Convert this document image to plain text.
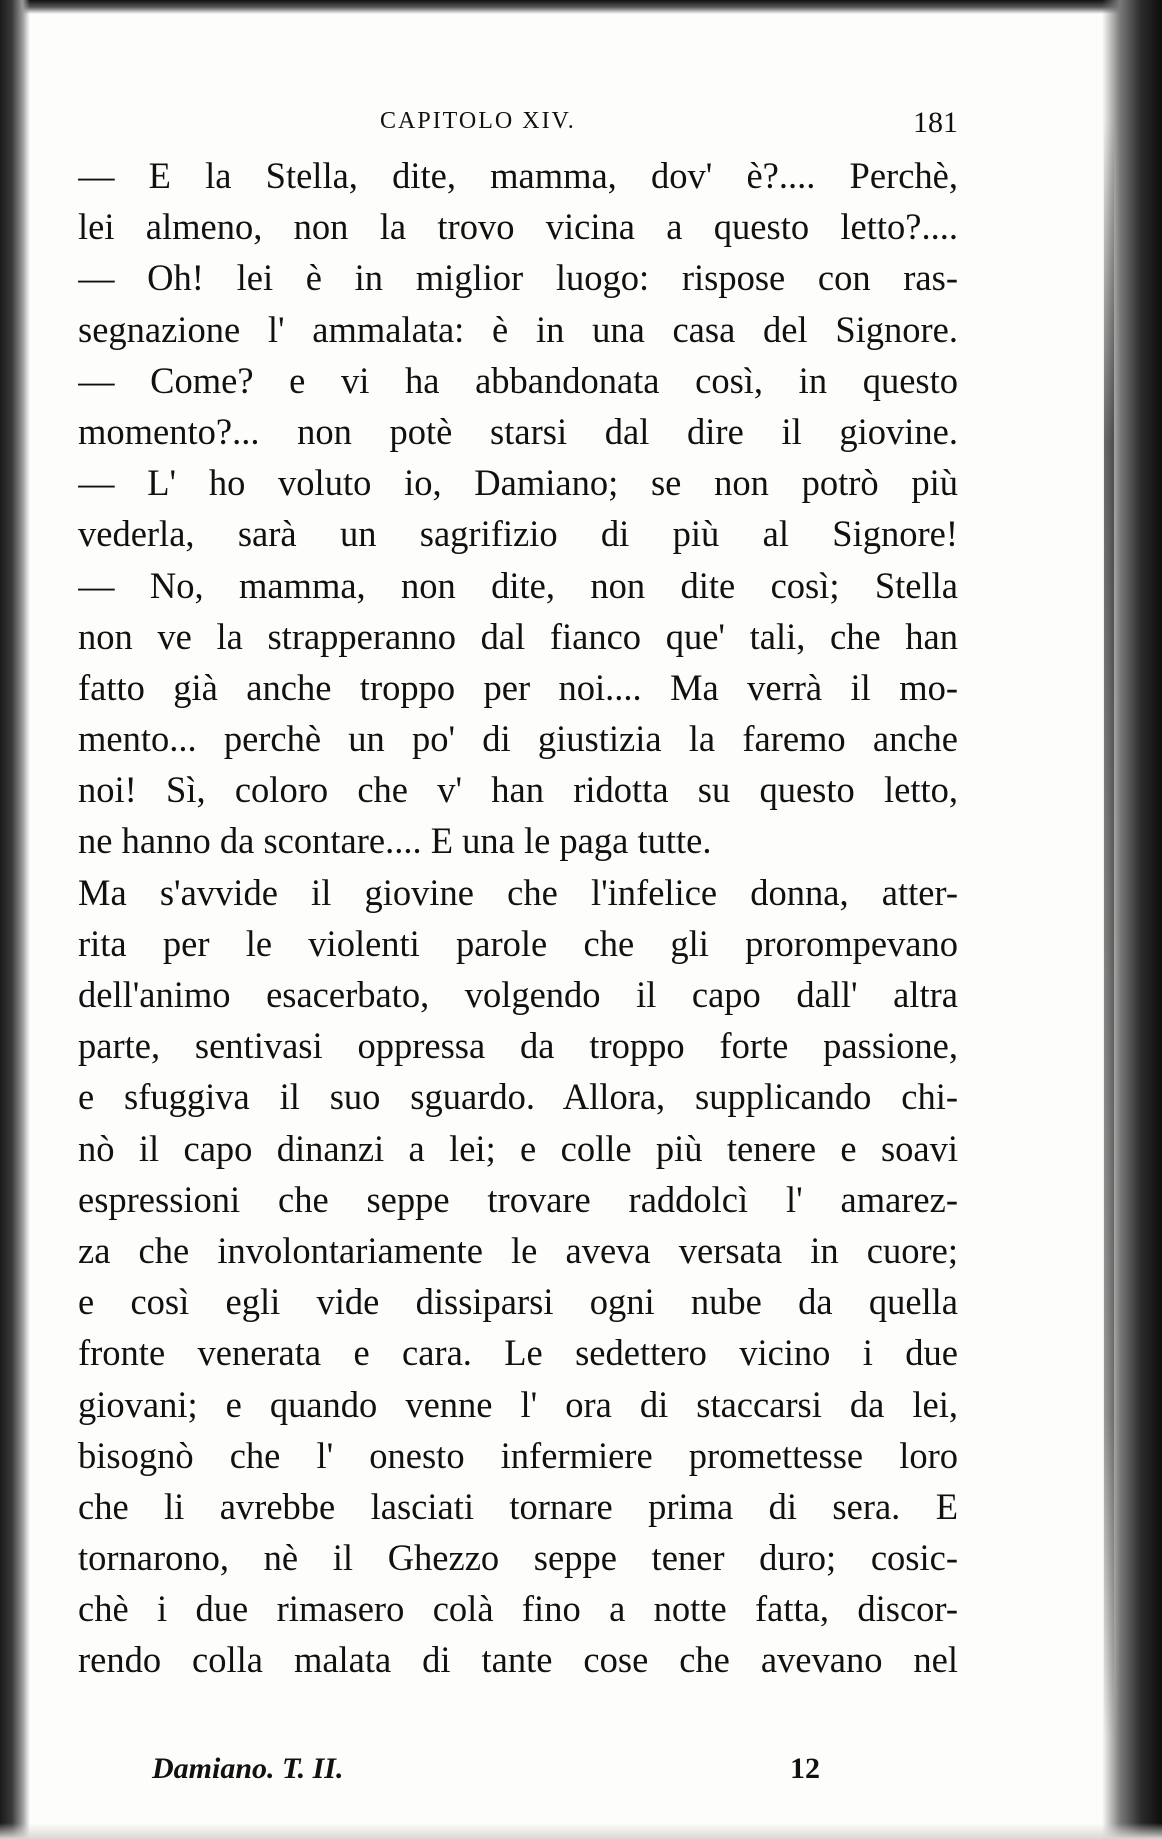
CAPITOLO XIV.	181
— E la Stella, dite, mamma, dov' è?.... Perchè,
lei almeno, non la trovo vicina a questo letto?....
— Oh! lei è in miglior luogo: rispose con ras-
segnazione l' ammalata: è in una casa del Signore.
— Come? e vi ha abbandonata così, in questo
momento?... non potè starsi dal dire il giovine.
— L' ho voluto io, Damiano; se non potrò più
vederla, sarà un sagrifizio di più al Signore!
— No, mamma, non dite, non dite così; Stella
non ve la strapperanno dal fianco que' tali, che han
fatto già anche troppo per noi.... Ma verrà il mo-
mento... perchè un po' di giustizia la faremo anche
noi! Sì, coloro che v' han ridotta su questo letto,
ne hanno da scontare.... E una le paga tutte.
Ma s'avvide il giovine che l'infelice donna, atter-
rita per le violenti parole che gli prorompevano
dell'animo esacerbato, volgendo il capo dall' altra
parte, sentivasi oppressa da troppo forte passione,
e sfuggiva il suo sguardo. Allora, supplicando chi-
nò il capo dinanzi a lei; e colle più tenere e soavi
espressioni che seppe trovare raddolcì l' amarez-
za che involontariamente le aveva versata in cuore;
e così egli vide dissiparsi ogni nube da quella
fronte venerata e cara. Le sedettero vicino i due
giovani; e quando venne l' ora di staccarsi da lei,
bisognò che l' onesto infermiere promettesse loro
che li avrebbe lasciati tornare prima di sera. E
tornarono, nè il Ghezzo seppe tener duro; cosic-
chè i due rimasero colà fino a notte fatta, discor-
rendo colla malata di tante cose che avevano nel
Damiano. T. II.	12
